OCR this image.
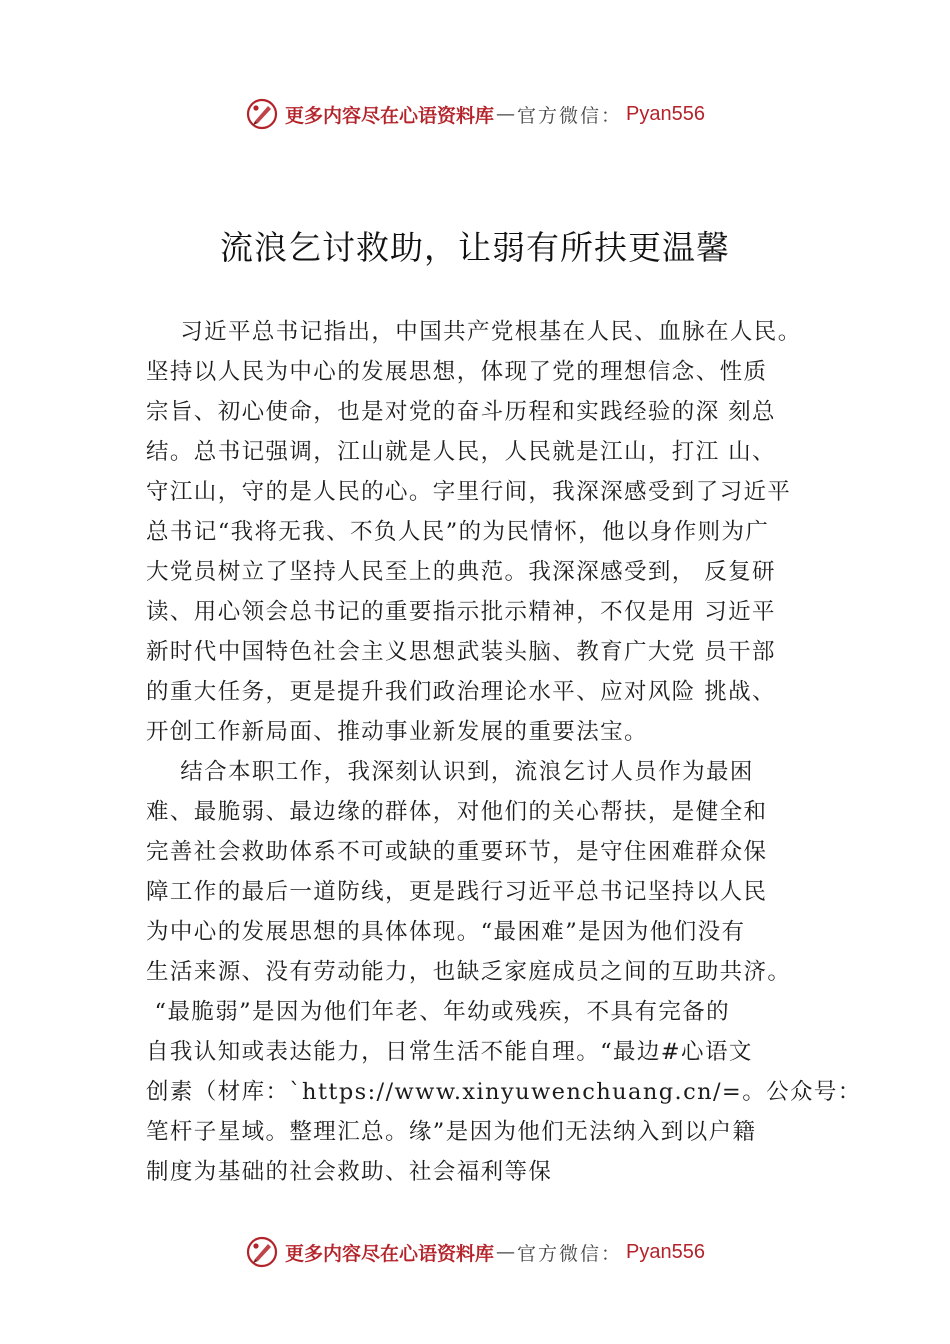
更多内容尽在心语资料库 — 官方微信： Pyan556
流浪乞讨救助，让弱有所扶更温馨
习近平总书记指出，中国共产党根基在人民、血脉在人民。
坚持以人民为中心的发展思想，体现了党的理想信念、性质
宗旨、初心使命，也是对党的奋斗历程和实践经验的深 刻总
结。总书记强调，江山就是人民，人民就是江山，打江 山、
守江山，守的是人民的心。字里行间，我深深感受到了习近平
总书记“我将无我、不负人民”的为民情怀，他以身作则为广
大党员树立了坚持人民至上的典范。我深深感受到， 反复研
读、用心领会总书记的重要指示批示精神，不仅是用 习近平
新时代中国特色社会主义思想武装头脑、教育广大党 员干部
的重大任务，更是提升我们政治理论水平、应对风险 挑战、
开创工作新局面、推动事业新发展的重要法宝。
结合本职工作，我深刻认识到，流浪乞讨人员作为最困
难、最脆弱、最边缘的群体，对他们的关心帮扶，是健全和
完善社会救助体系不可或缺的重要环节，是守住困难群众保
障工作的最后一道防线，更是践行习近平总书记坚持以人民
为中心的发展思想的具体体现。“最困难”是因为他们没有
生活来源、没有劳动能力，也缺乏家庭成员之间的互助共济。
“最脆弱”是因为他们年老、年幼或残疾，不具有完备的
自我认知或表达能力，日常生活不能自理。“最边#心语文
创素（材库：`https://www.xinyuwenchuang.cn/=。公众号：
笔杆子星域。整理汇总。缘”是因为他们无法纳入到以户籍
制度为基础的社会救助、社会福利等保
更多内容尽在心语资料库 — 官方微信： Pyan556
